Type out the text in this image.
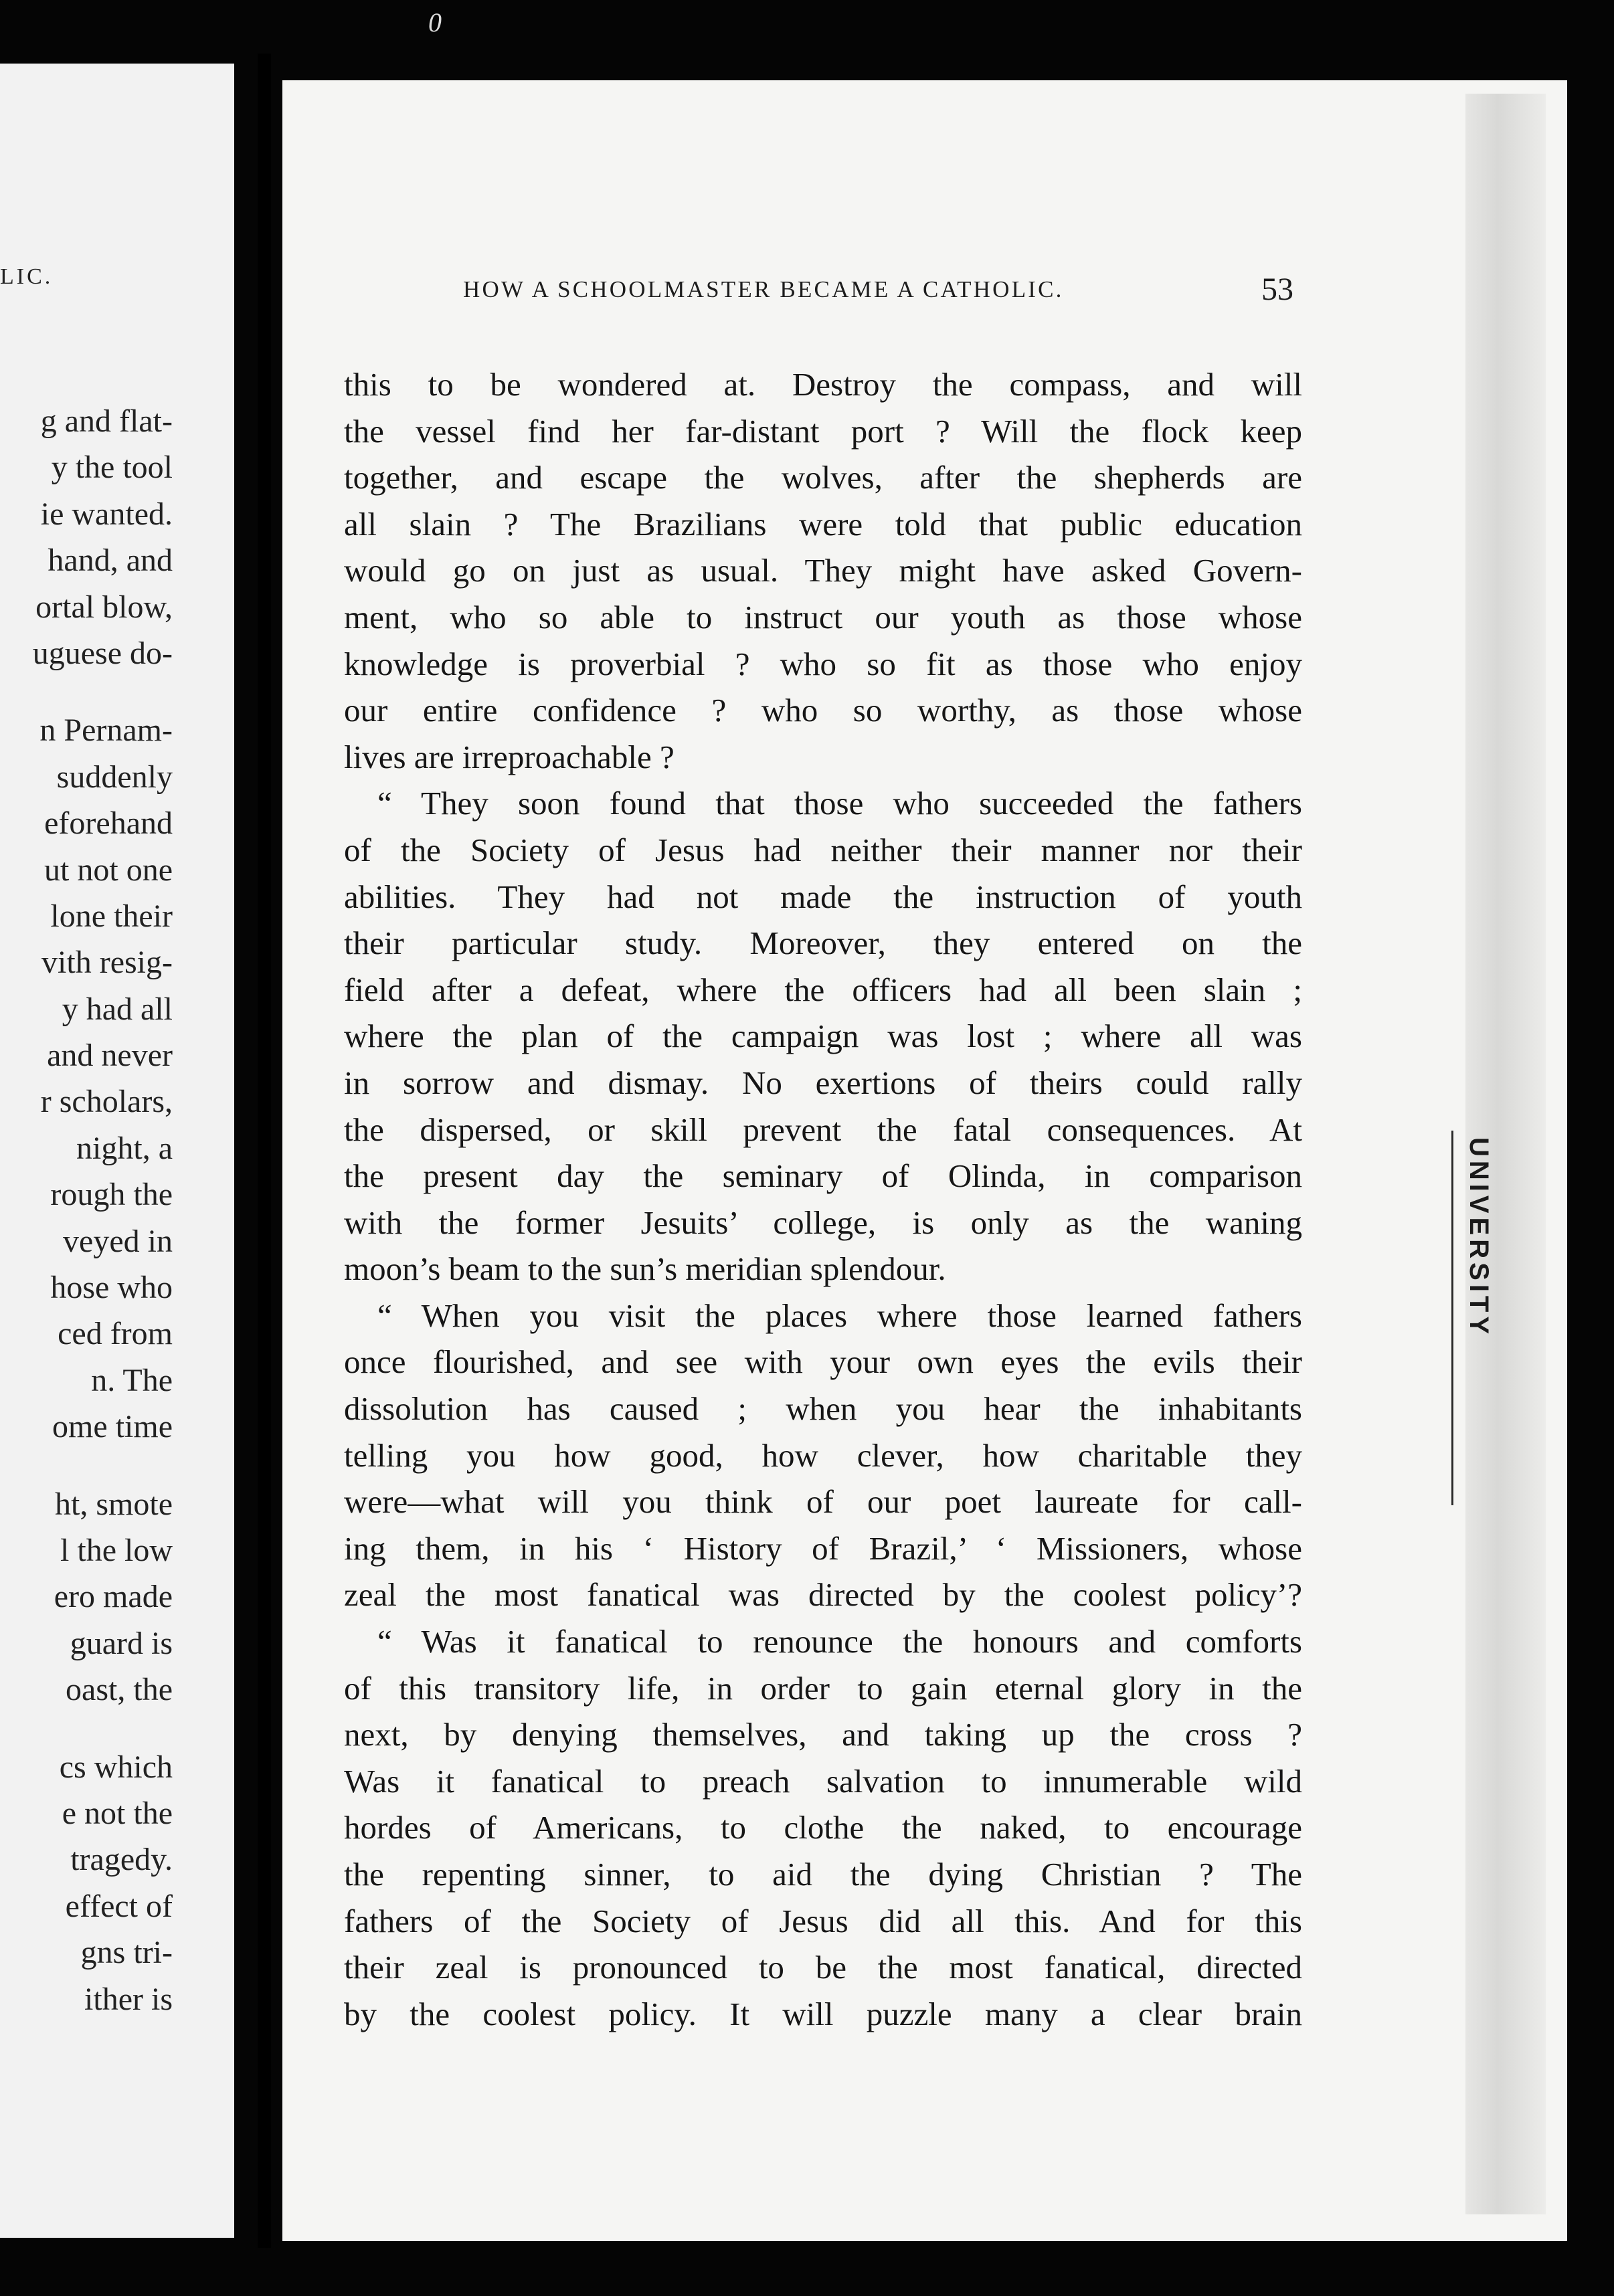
0
LIC.
g and flat-
y the tool
ie wanted.
hand, and
ortal blow,
uguese do-
n Pernam-
suddenly
eforehand
ut not one
lone their
vith resig-
y had all
and never
r scholars,
night, a
rough the
veyed in
hose who
ced from
n. The
ome time
ht, smote
l the low
ero made
guard is
oast, the
cs which
e not the
tragedy.
effect of
gns tri-
ither is
HOW A SCHOOLMASTER BECAME A CATHOLIC.	53
this to be wondered at. Destroy the compass, and will
the vessel find her far-distant port ? Will the flock keep
together, and escape the wolves, after the shepherds are
all slain ? The Brazilians were told that public education
would go on just as usual. They might have asked Govern-
ment, who so able to instruct our youth as those whose
knowledge is proverbial ? who so fit as those who enjoy
our entire confidence ? who so worthy, as those whose
lives are irreproachable ?
“ They soon found that those who succeeded the fathers
of the Society of Jesus had neither their manner nor their
abilities. They had not made the instruction of youth
their particular study. Moreover, they entered on the
field after a defeat, where the officers had all been slain ;
where the plan of the campaign was lost ; where all was
in sorrow and dismay. No exertions of theirs could rally
the dispersed, or skill prevent the fatal consequences. At
the present day the seminary of Olinda, in comparison
with the former Jesuits’ college, is only as the waning
moon’s beam to the sun’s meridian splendour.
“ When you visit the places where those learned fathers
once flourished, and see with your own eyes the evils their
dissolution has caused ; when you hear the inhabitants
telling you how good, how clever, how charitable they
were—what will you think of our poet laureate for call-
ing them, in his ‘ History of Brazil,’ ‘ Missioners, whose
zeal the most fanatical was directed by the coolest policy’?
“ Was it fanatical to renounce the honours and comforts
of this transitory life, in order to gain eternal glory in the
next, by denying themselves, and taking up the cross ?
Was it fanatical to preach salvation to innumerable wild
hordes of Americans, to clothe the naked, to encourage
the repenting sinner, to aid the dying Christian ? The
fathers of the Society of Jesus did all this. And for this
their zeal is pronounced to be the most fanatical, directed
by the coolest policy. It will puzzle many a clear brain
UNIVERSITY
